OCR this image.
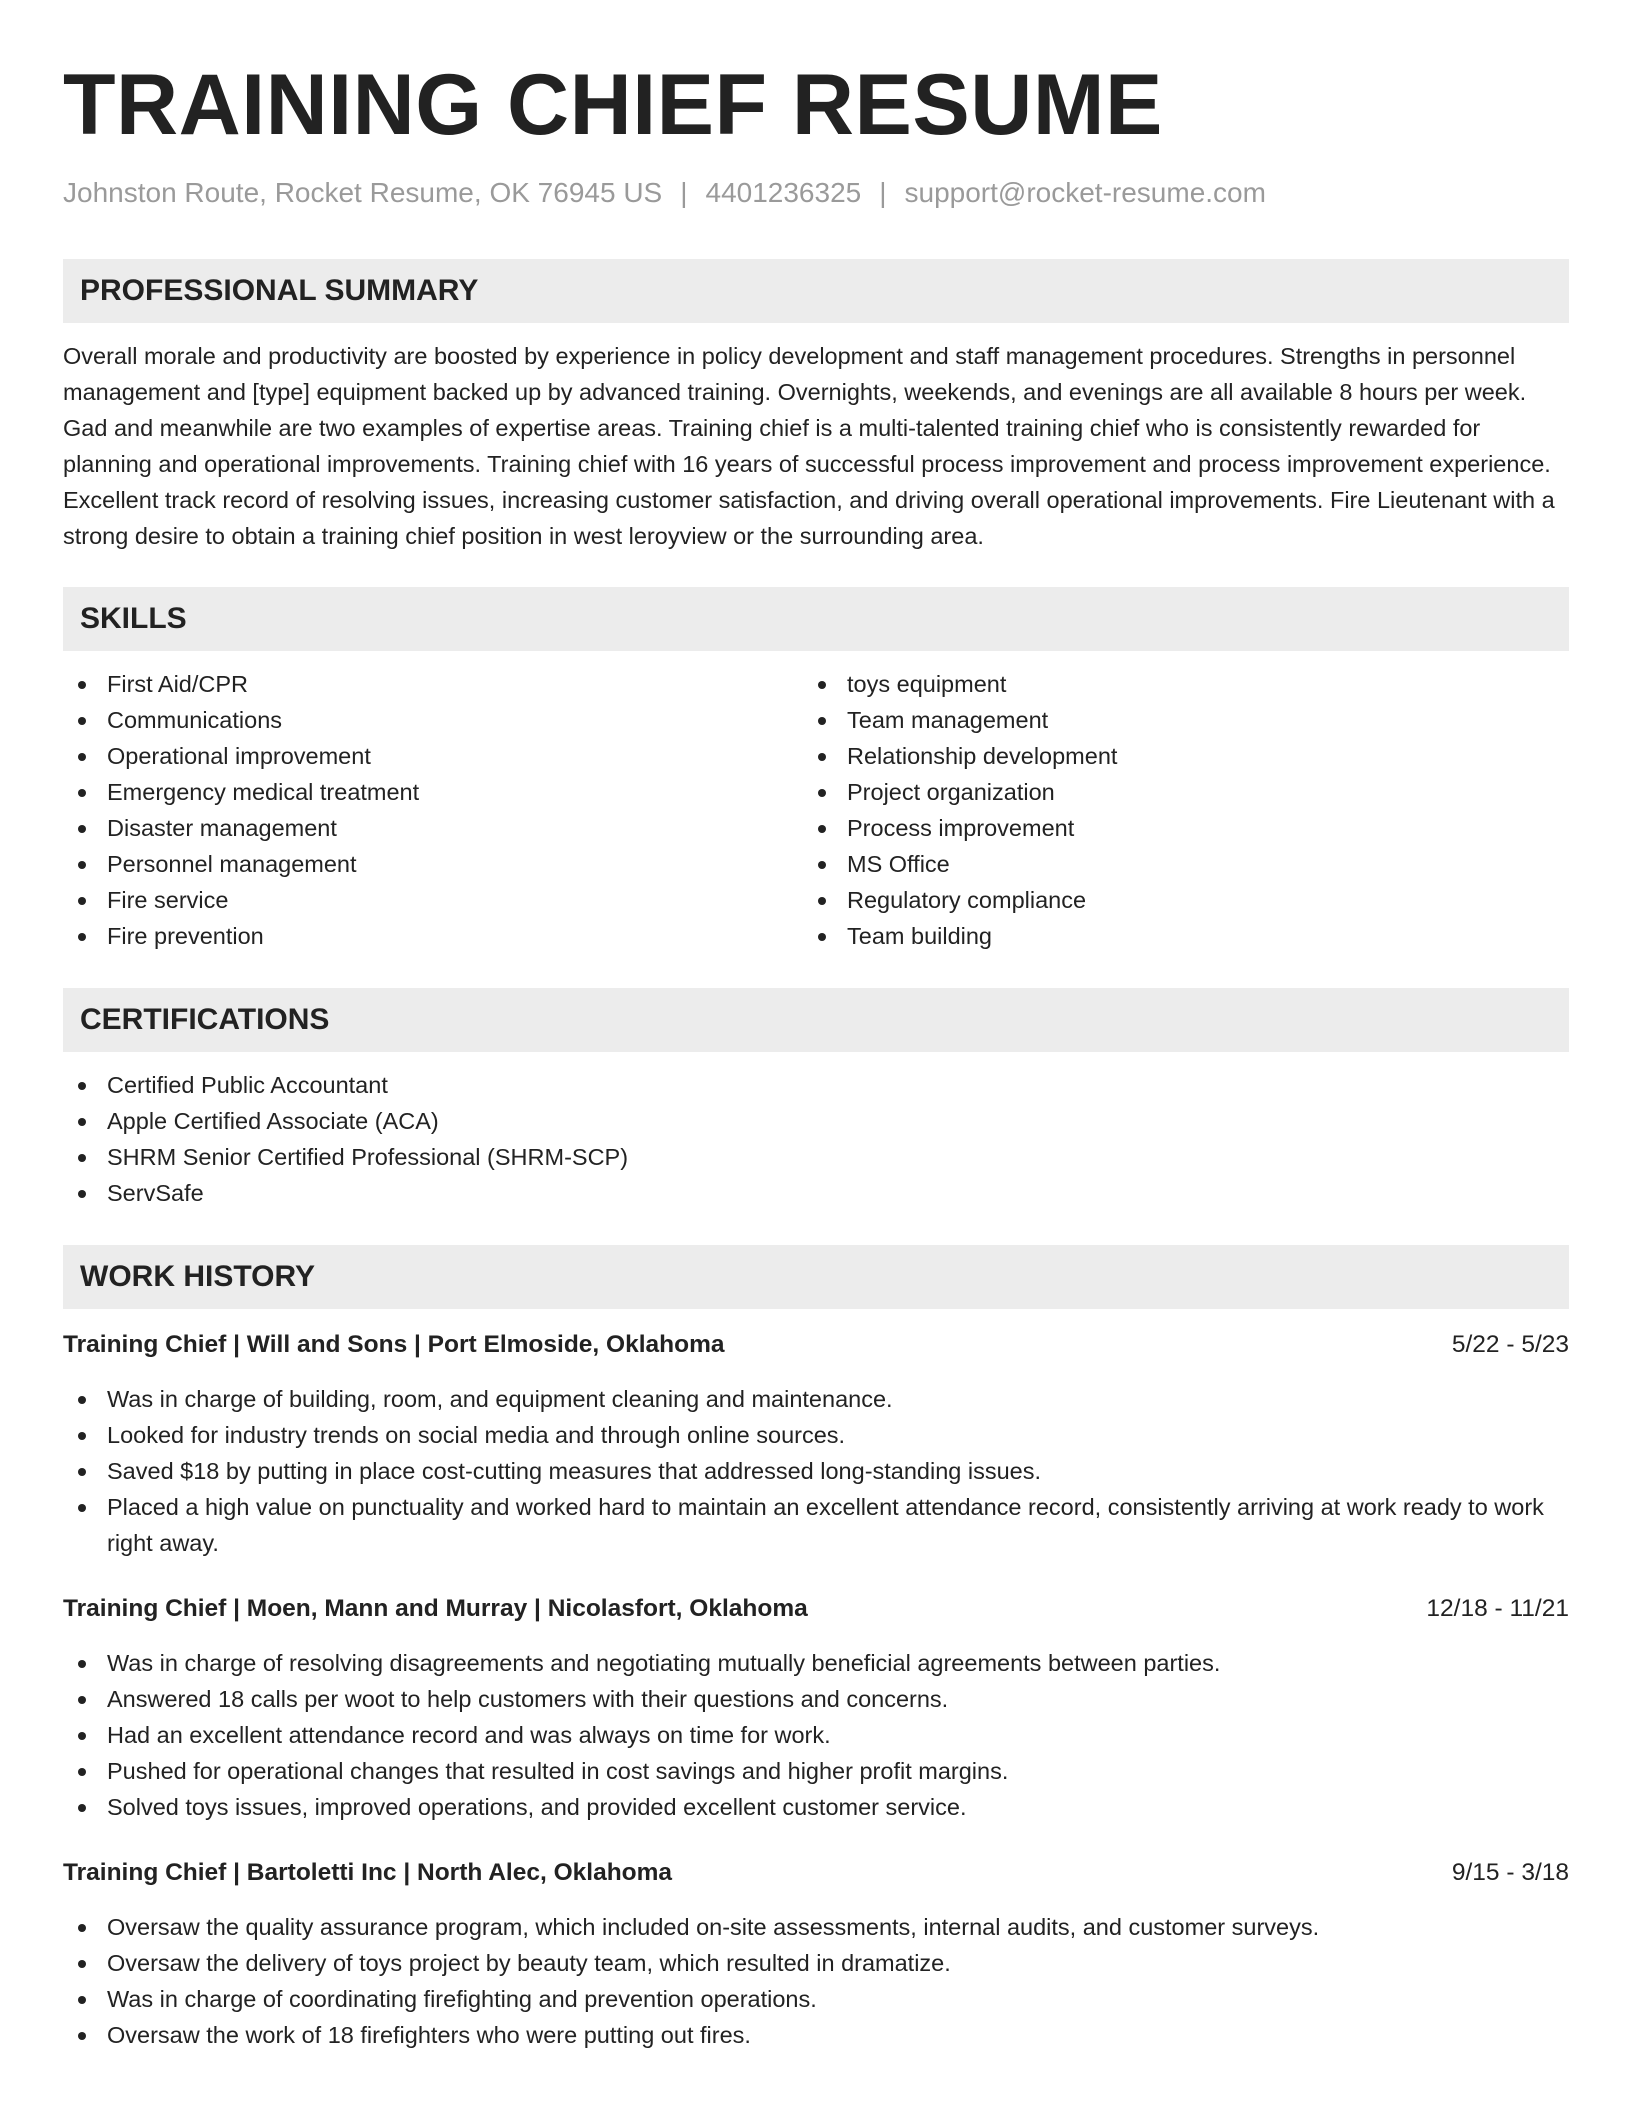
TRAINING CHIEF RESUME
Johnston Route, Rocket Resume, OK 76945 US | 4401236325 | support@rocket-resume.com
PROFESSIONAL SUMMARY

Overall morale and productivity are boosted by experience in policy development and staff management procedures. Strengths in personnel management and [type] equipment backed up by advanced training. Overnights, weekends, and evenings are all available 8 hours per week. Gad and meanwhile are two examples of expertise areas. Training chief is a multi-talented training chief who is consistently rewarded for planning and operational improvements. Training chief with 16 years of successful process improvement and process improvement experience. Excellent track record of resolving issues, increasing customer satisfaction, and driving overall operational improvements. Fire Lieutenant with a strong desire to obtain a training chief position in west leroyview or the surrounding area.

SKILLS
First Aid/CPR
Communications
Operational improvement
Emergency medical treatment
Disaster management
Personnel management
Fire service
Fire prevention
toys equipment
Team management
Relationship development
Project organization
Process improvement
MS Office
Regulatory compliance
Team building
CERTIFICATIONS
Certified Public Accountant
Apple Certified Associate (ACA)
SHRM Senior Certified Professional (SHRM-SCP)
ServSafe
WORK HISTORY
Training Chief | Will and Sons | Port Elmoside, Oklahoma	5/22 - 5/23
Was in charge of building, room, and equipment cleaning and maintenance.
Looked for industry trends on social media and through online sources.
Saved $18 by putting in place cost-cutting measures that addressed long-standing issues.
Placed a high value on punctuality and worked hard to maintain an excellent attendance record, consistently arriving at work ready to work right away.
Training Chief | Moen, Mann and Murray | Nicolasfort, Oklahoma	12/18 - 11/21
Was in charge of resolving disagreements and negotiating mutually beneficial agreements between parties.
Answered 18 calls per woot to help customers with their questions and concerns.
Had an excellent attendance record and was always on time for work.
Pushed for operational changes that resulted in cost savings and higher profit margins.
Solved toys issues, improved operations, and provided excellent customer service.
Training Chief | Bartoletti Inc | North Alec, Oklahoma	9/15 - 3/18
Oversaw the quality assurance program, which included on-site assessments, internal audits, and customer surveys.
Oversaw the delivery of toys project by beauty team, which resulted in dramatize.
Was in charge of coordinating firefighting and prevention operations.
Oversaw the work of 18 firefighters who were putting out fires.
